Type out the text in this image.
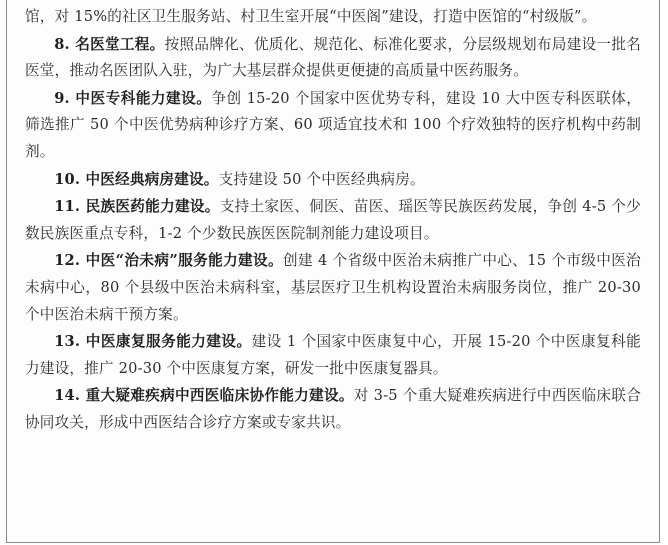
馆，对 15%的社区卫生服务站、村卫生室开展“中医阁”建设，打造中医馆的“村级版”。

8. 名医堂工程。按照品牌化、优质化、规范化、标准化要求，分层级规划布局建设一批名医堂，推动名医团队入驻，为广大基层群众提供更便捷的高质量中医药服务。

9. 中医专科能力建设。争创 15-20 个国家中医优势专科，建设 10 大中医专科医联体，筛选推广 50 个中医优势病种诊疗方案、60 项适宜技术和 100 个疗效独特的医疗机构中药制剂。

10. 中医经典病房建设。支持建设 50 个中医经典病房。

11. 民族医药能力建设。支持土家医、侗医、苗医、瑶医等民族医药发展，争创 4-5 个少数民族医重点专科，1-2 个少数民族医医院制剂能力建设项目。

12. 中医“治未病”服务能力建设。创建 4 个省级中医治未病推广中心、15 个市级中医治未病中心，80 个县级中医治未病科室，基层医疗卫生机构设置治未病服务岗位，推广 20-30 个中医治未病干预方案。

13. 中医康复服务能力建设。建设 1 个国家中医康复中心，开展 15-20 个中医康复科能力建设，推广 20-30 个中医康复方案，研发一批中医康复器具。

14. 重大疑难疾病中西医临床协作能力建设。对 3-5 个重大疑难疾病进行中西医临床联合协同攻关，形成中西医结合诊疗方案或专家共识。
